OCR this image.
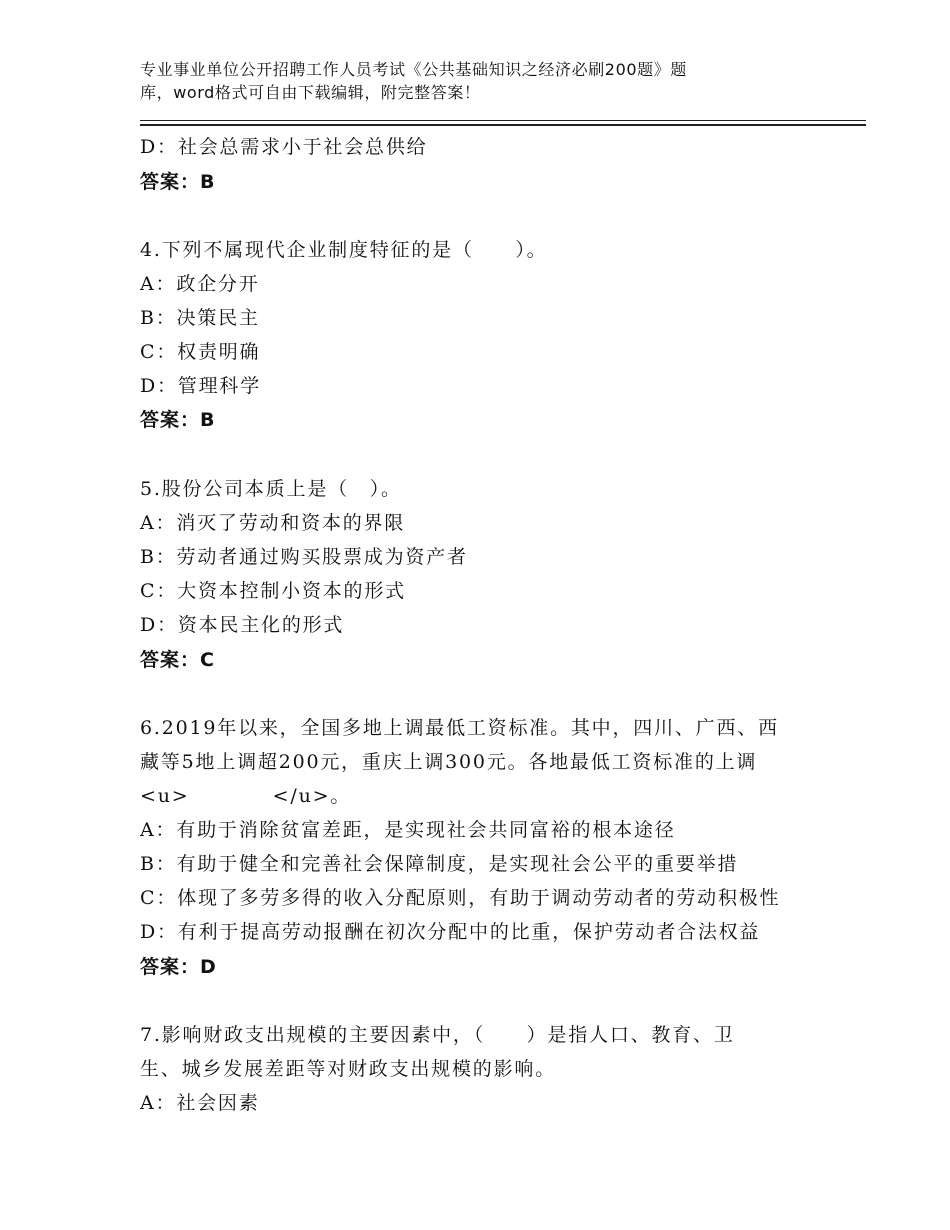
专业事业单位公开招聘工作人员考试《公共基础知识之经济必刷200题》题
库，word格式可自由下载编辑，附完整答案！
D：社会总需求小于社会总供给
答案：B
4.下列不属现代企业制度特征的是（　　）。
A：政企分开
B：决策民主
C：权责明确
D：管理科学
答案：B
5.股份公司本质上是（　）。
A：消灭了劳动和资本的界限
B：劳动者通过购买股票成为资产者
C：大资本控制小资本的形式
D：资本民主化的形式
答案：C
6.2019年以来，全国多地上调最低工资标准。其中，四川、广西、西
藏等5地上调超200元，重庆上调300元。各地最低工资标准的上调
<u>　　　　</u>。
A：有助于消除贫富差距，是实现社会共同富裕的根本途径
B：有助于健全和完善社会保障制度，是实现社会公平的重要举措
C：体现了多劳多得的收入分配原则，有助于调动劳动者的劳动积极性
D：有利于提高劳动报酬在初次分配中的比重，保护劳动者合法权益
答案：D
7.影响财政支出规模的主要因素中，（　　）是指人口、教育、卫
生、城乡发展差距等对财政支出规模的影响。
A：社会因素
